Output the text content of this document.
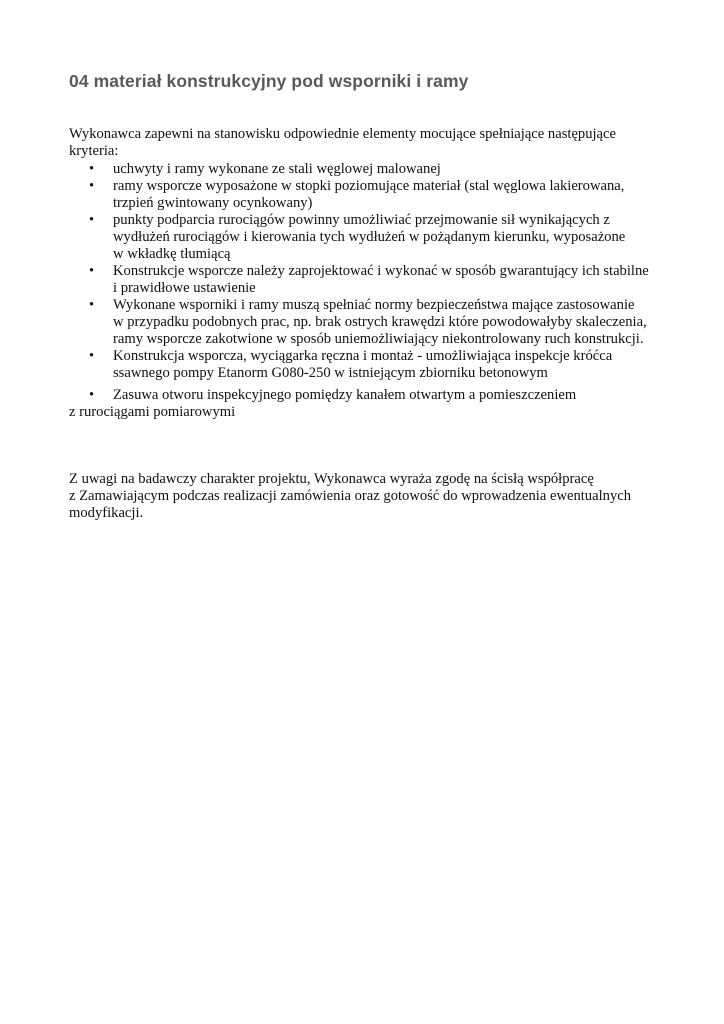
04 materiał konstrukcyjny pod wsporniki i ramy

Wykonawca zapewni na stanowisku odpowiednie elementy mocujące spełniające następujące kryteria:

•	uchwyty i ramy wykonane ze stali węglowej malowanej
•	ramy wsporcze wyposażone w stopki poziomujące materiał (stal węglowa lakierowana,
trzpień gwintowany ocynkowany)
•	punkty podparcia rurociągów powinny umożliwiać przejmowanie sił wynikających z
wydłużeń rurociągów i kierowania tych wydłużeń w pożądanym kierunku, wyposażone
w wkładkę tłumiącą
•	Konstrukcje wsporcze należy zaprojektować i wykonać w sposób gwarantujący ich stabilne
i prawidłowe ustawienie
•	Wykonane wsporniki i ramy muszą spełniać normy bezpieczeństwa mające zastosowanie
w przypadku podobnych prac, np. brak ostrych krawędzi które powodowałyby skaleczenia,
ramy wsporcze zakotwione w sposób uniemożliwiający niekontrolowany ruch konstrukcji.
•	Konstrukcja wsporcza, wyciągarka ręczna i montaż - umożliwiająca inspekcje króćca
ssawnego pompy Etanorm G080-250 w istniejącym zbiorniku betonowym
•	Zasuwa otworu inspekcyjnego pomiędzy kanałem otwartym a pomieszczeniem
z rurociągami pomiarowymi

Z uwagi na badawczy charakter projektu, Wykonawca wyraża zgodę na ścisłą współpracę
z Zamawiającym podczas realizacji zamówienia oraz gotowość do wprowadzenia ewentualnych
modyfikacji.
